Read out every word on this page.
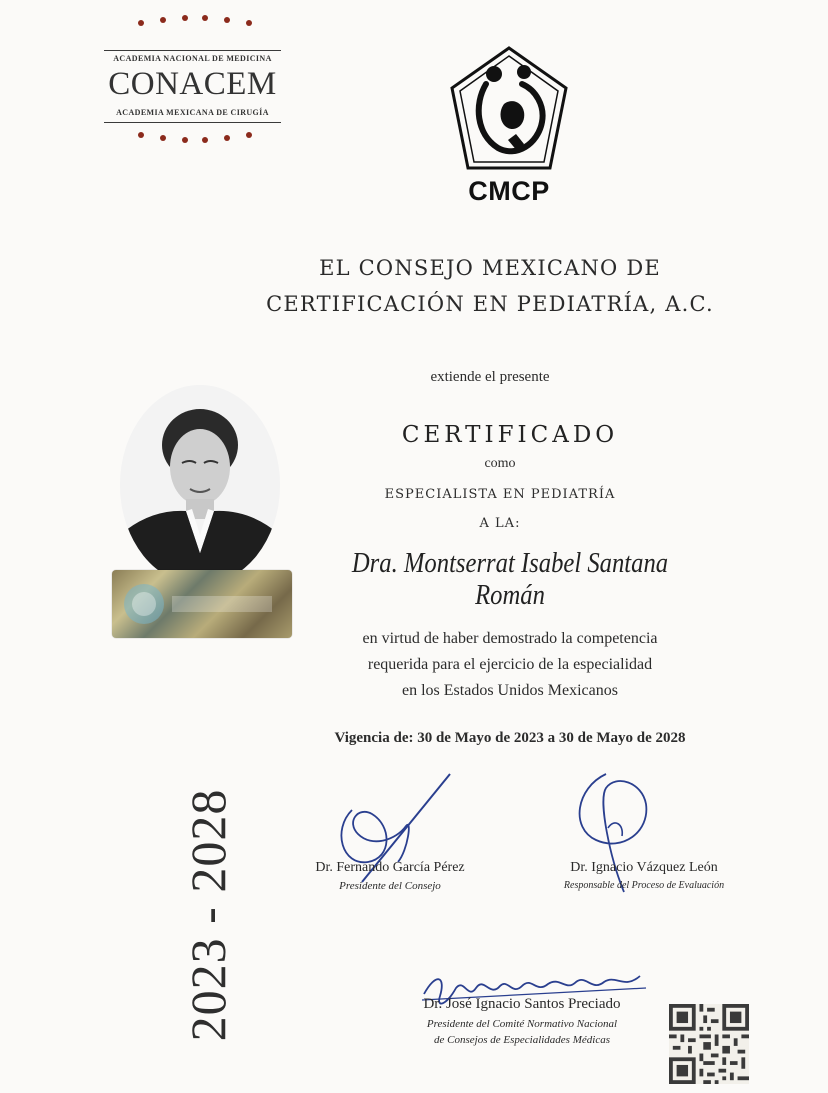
ACADEMIA NACIONAL DE MEDICINA
CONACEM
ACADEMIA MEXICANA DE CIRUGÍA
CMCP
EL CONSEJO MEXICANO DE
CERTIFICACIÓN EN PEDIATRÍA, A.C.
extiende el presente
CERTIFICADO
como
ESPECIALISTA EN PEDIATRÍA
A LA:
Dra. Montserrat Isabel Santana Román
en virtud de haber demostrado la competencia
requerida para el ejercicio de la especialidad
en los Estados Unidos Mexicanos
Vigencia de: 30 de Mayo de 2023 a 30 de Mayo de 2028
2023 - 2028	Dr. Fernando García Pérez
Presidente del Consejo
Dr. Ignacio Vázquez León
Responsable del Proceso de Evaluación
Dr. José Ignacio Santos Preciado
Presidente del Comité Normativo Nacional
de Consejos de Especialidades Médicas
